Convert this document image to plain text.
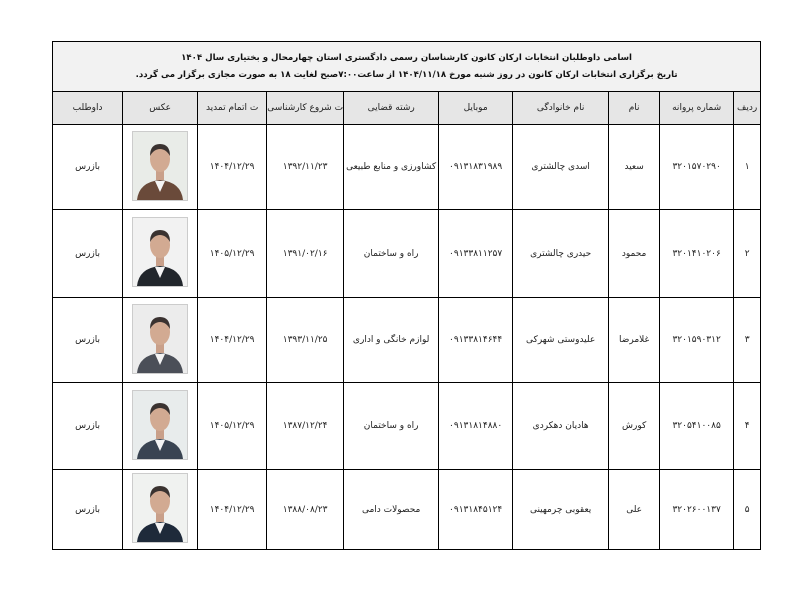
اسامی داوطلبان انتخابات ارکان کانون کارشناسان رسمی دادگستری استان چهارمحال و بختیاری سال ۱۴۰۴
تاریخ برگزاری انتخابات ارکان کانون در روز شنبه مورخ ۱۴۰۴/۱۱/۱۸ از ساعت۷:۰۰صبح لغایت ۱۸ به صورت مجازی برگزار می گردد.									

ردیف	شماره پروانه	نام	نام خانوادگی	موبایل	رشته قضایی	ت شروع کارشناسی	ت اتمام تمدید	عکس	داوطلب
۱	۳۲۰۱۵۷۰۲۹۰	سعید	اسدی چالشتری	۰۹۱۳۱۸۳۱۹۸۹	کشاورزی و منابع طبیعی	۱۳۹۲/۱۱/۲۳	۱۴۰۴/۱۲/۲۹		بازرس
۲	۳۲۰۱۴۱۰۲۰۶	محمود	حیدری چالشتری	۰۹۱۳۳۸۱۱۲۵۷	راه و ساختمان	۱۳۹۱/۰۲/۱۶	۱۴۰۵/۱۲/۲۹		بازرس
۳	۳۲۰۱۵۹۰۳۱۲	غلامرضا	علیدوستی شهرکی	۰۹۱۳۳۸۱۴۶۴۴	لوازم خانگی و اداری	۱۳۹۳/۱۱/۲۵	۱۴۰۴/۱۲/۲۹		بازرس
۴	۳۲۰۵۴۱۰۰۸۵	کورش	هادیان دهکردی	۰۹۱۳۱۸۱۴۸۸۰	راه و ساختمان	۱۳۸۷/۱۲/۲۴	۱۴۰۵/۱۲/۲۹		بازرس
۵	۳۲۰۲۶۰۰۱۳۷	علی	یعقوبی چرمهینی	۰۹۱۳۱۸۴۵۱۲۴	محصولات دامی	۱۳۸۸/۰۸/۲۳	۱۴۰۴/۱۲/۲۹		بازرس
